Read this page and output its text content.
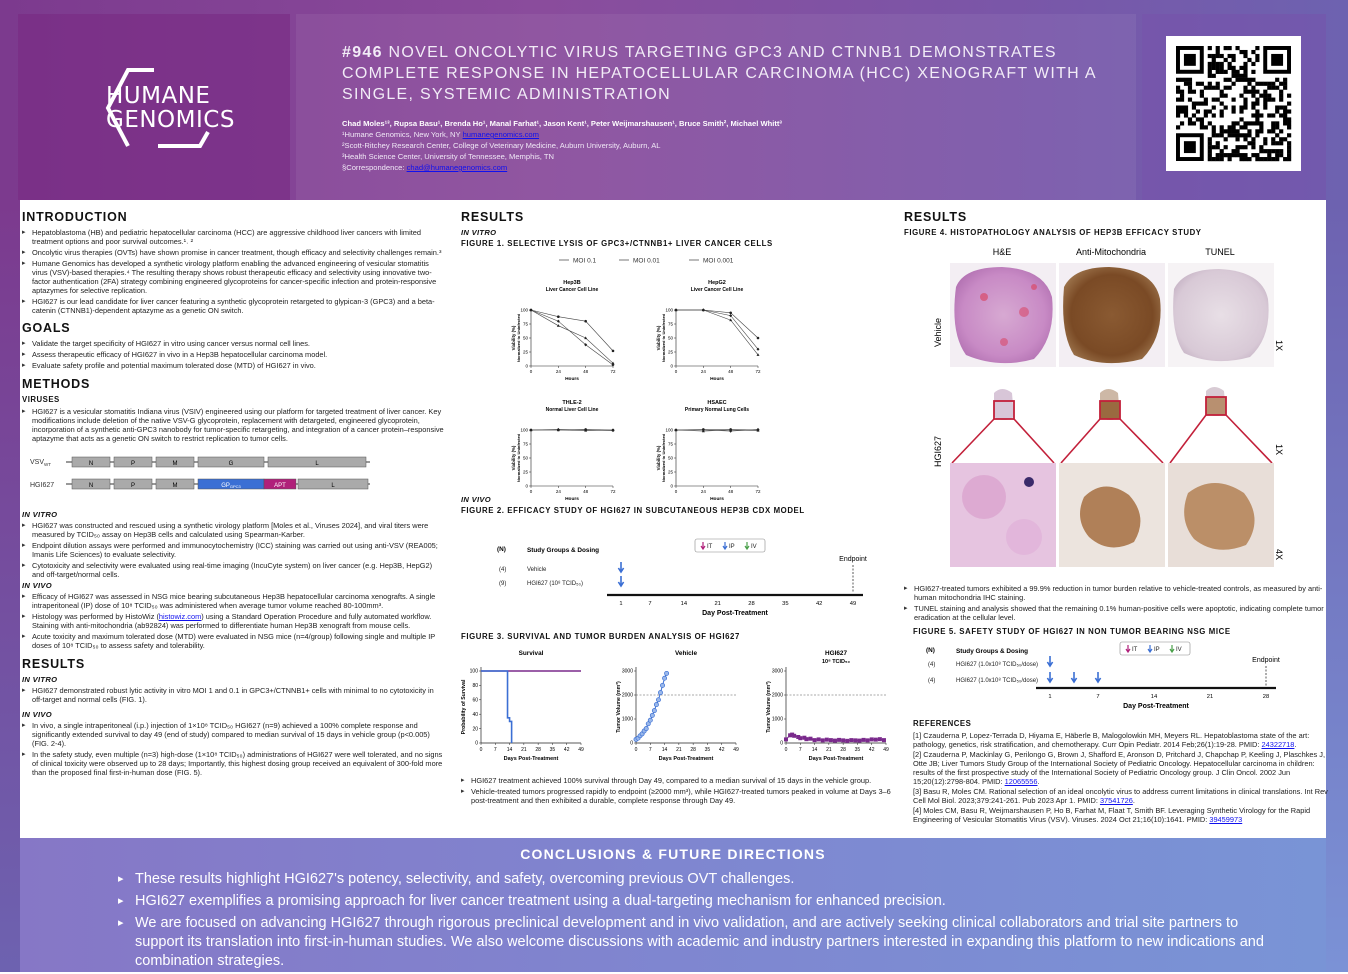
HUMANE
GENOMICS
#946 NOVEL ONCOLYTIC VIRUS TARGETING GPC3 AND CTNNB1 DEMONSTRATES COMPLETE RESPONSE IN HEPATOCELLULAR CARCINOMA (HCC) XENOGRAFT WITH A SINGLE, SYSTEMIC ADMINISTRATION
Chad Moles¹³, Rupsa Basu¹, Brenda Ho¹, Manal Farhat¹, Jason Kent¹, Peter Weijmarshausen¹, Bruce Smith², Michael Whitt³
¹Humane Genomics, New York, NY humanegenomics.com
²Scott-Ritchey Research Center, College of Veterinary Medicine, Auburn University, Auburn, AL
³Health Science Center, University of Tennessee, Memphis, TN
§Correspondence: chad@humanegenomics.com
INTRODUCTION
▸ Hepatoblastoma (HB) and pediatric hepatocellular carcinoma (HCC) are aggressive childhood liver cancers with limited treatment options and poor survival outcomes.¹˒ ²
▸ Oncolytic virus therapies (OVTs) have shown promise in cancer treatment, though efficacy and selectivity challenges remain.³
▸ Humane Genomics has developed a synthetic virology platform enabling the advanced engineering of vesicular stomatitis virus (VSV)-based therapies.⁴ The resulting therapy shows robust therapeutic efficacy and selectivity using innovative two-factor authentication (2FA) strategy combining engineered glycoproteins for cancer-specific infection and protein-responsive aptazymes for selective replication.
▸ HGI627 is our lead candidate for liver cancer featuring a synthetic glycoprotein retargeted to glypican-3 (GPC3) and a beta-catenin (CTNNB1)-dependent aptazyme as a genetic ON switch.
GOALS
▸ Validate the target specificity of HGI627 in vitro using cancer versus normal cell lines.
▸ Assess therapeutic efficacy of HGI627 in vivo in a Hep3B hepatocellular carcinoma model.
▸ Evaluate safety profile and potential maximum tolerated dose (MTD) of HGI627 in vivo.
METHODS
VIRUSES
▸ HGI627 is a vesicular stomatitis Indiana virus (VSIV) engineered using our platform for targeted treatment of liver cancer. Key modifications include deletion of the native VSV-G glycoprotein, replacement with detargeted, engineered glycoprotein, incorporation of a synthetic anti-GPC3 nanobody for tumor-specific retargeting, and integration of a cancer protein–responsive aptazyme that acts as a genetic ON switch to restrict replication to tumor cells.
$VSV_{WT}$	N	P	M	G	L
HGI627	N	P	M	GPGPC3	APT	L
IN VITRO
▸ HGI627 was constructed and rescued using a synthetic virology platform [Moles et al., Viruses 2024], and viral titers were measured by TCID₅₀ assay on Hep3B cells and calculated using Spearman-Karber.
▸ Endpoint dilution assays were performed and immunocytochemistry (ICC) staining was carried out using anti-VSV (REA005; Imanis Life Sciences) to evaluate selectivity.
▸ Cytotoxicity and selectivity were evaluated using real-time imaging (IncuCyte system) on liver cancer (e.g. Hep3B, HepG2) and off-target/normal cells.
IN VIVO
▸ Efficacy of HGI627 was assessed in NSG mice bearing subcutaneous Hep3B hepatocellular carcinoma xenografts. A single intraperitoneal (IP) dose of 10⁸ TCID₅₀ was administered when average tumor volume reached 80-100mm³.
▸ Histology was performed by HistoWiz (histowiz.com) using a Standard Operation Procedure and fully automated workflow. Staining with anti-mitochondria (ab92824) was performed to differentiate human Hep3B xenograft from mouse cells.
▸ Acute toxicity and maximum tolerated dose (MTD) were evaluated in NSG mice (n=4/group) following single and multiple IP doses of 10⁸ TCID₅₀ to assess safety and tolerability.
RESULTS
IN VITRO
▸ HGI627 demonstrated robust lytic activity in vitro MOI 1 and 0.1 in GPC3+/CTNNB1+ cells with minimal to no cytotoxicity in off-target and normal cells (FIG. 1).
IN VIVO
▸ In vivo, a single intraperitoneal (i.p.) injection of 1×10⁸ TCID₅₀ HGI627 (n=9) achieved a 100% complete response and significantly extended survival to day 49 (end of study) compared to median survival of 15 days in vehicle group (p<0.005) (FIG. 2-4).
▸ In the safety study, even multiple (n=3) high-dose (1×10⁸ TCID₅₀) administrations of HGI627 were well tolerated, and no signs of clinical toxicity were observed up to 28 days; Importantly, this highest dosing group received an equivalent of 300-fold more than the proposed final first-in-human dose (FIG. 5).
RESULTS
IN VITRO
FIGURE 1. SELECTIVE LYSIS OF GPC3+/CTNNB1+ LIVER CANCER CELLS
MOI 0.1	MOI 0.01	MOI 0.001
Hep3B
Liver Cancer Cell Line
0
25
50
75
100
0	24	48	72
Hours
Viability (%) Normalized to Uninfected
HepG2
Liver Cancer Cell Line
0
25
50
75
100
0	24	48	72
Hours
Viability (%) Normalized to Uninfected
THLE-2
Normal Liver Cell Line
0
25
50
75
100
0	24	48	72
Hours
Viability (%) Normalized to Uninfected
HSAEC
Primary Normal Lung Cells
0
25
50
75
100
0	24	48	72
Hours
Viability (%) Normalized to Uninfected
IN VIVO
FIGURE 2. EFFICACY STUDY OF HGI627 IN SUBCUTANEOUS HEP3B CDX MODEL
IT	IP	IV
(N)	Study Groups & Dosing
(4)	Vehicle
(9)	HGI627 (10⁸ TCID₅₀)
1	7	14	21	28	35	42	49
Day Post-Treatment
Endpoint
FIGURE 3. SURVIVAL AND TUMOR BURDEN ANALYSIS OF HGI627
Survival
0
20
40
60
80
100
0 7 14 21 28 35 42 49
Days Post-Treatment
Probability of Survival
Vehicle
0
1000
2000
3000
0 7 14 21 28 35 42 49
Days Post-Treatment
Tumor Volume (mm³)
HGI627
10⁸ TCID₅₀
0
1000
2000
3000
0 7 14 21 28 35 42 49
Days Post-Treatment
Tumor Volume (mm³)
▸ HGI627 treatment achieved 100% survival through Day 49, compared to a median survival of 15 days in the vehicle group.
▸ Vehicle-treated tumors progressed rapidly to endpoint (≥2000 mm³), while HGI627-treated tumors peaked in volume at Days 3–6 post-treatment and then exhibited a durable, complete response through Day 49.
RESULTS
FIGURE 4. HISTOPATHOLOGY ANALYSIS OF HEP3B EFFICACY STUDY
H&E	Anti-Mitochondria	TUNEL
Vehicle
HGI627
1X
1X
4X
▸ HGI627-treated tumors exhibited a 99.9% reduction in tumor burden relative to vehicle-treated controls, as measured by anti-human mitochondria IHC staining.
▸ TUNEL staining and analysis showed that the remaining 0.1% human-positive cells were apoptotic, indicating complete tumor eradication at the cellular level.
FIGURE 5. SAFETY STUDY OF HGI627 IN NON TUMOR BEARING NSG MICE
IT	IP	IV
(N)	Study Groups & Dosing
(4)	HGI627 (1.0x10⁸ TCID₅₀/dose)
(4)	HGI627 (1.0x10⁸ TCID₅₀/dose)
1	7	14	21	28
Day Post-Treatment
Endpoint
REFERENCES

[1] Czauderna P, Lopez-Terrada D, Hiyama E, Häberle B, Malogolowkin MH, Meyers RL. Hepatoblastoma state of the art: pathology, genetics, risk stratification, and chemotherapy. Curr Opin Pediatr. 2014 Feb;26(1):19-28. PMID: 24322718.

[2] Czauderna P, Mackinlay G, Perilongo G, Brown J, Shafford E, Aronson D, Pritchard J, Chapchap P, Keeling J, Plaschkes J, Otte JB; Liver Tumors Study Group of the International Society of Pediatric Oncology. Hepatocellular carcinoma in children: results of the first prospective study of the International Society of Pediatric Oncology group. J Clin Oncol. 2002 Jun 15;20(12):2798-804. PMID: 12065556.

[3] Basu R, Moles CM. Rational selection of an ideal oncolytic virus to address current limitations in clinical translations. Int Rev Cell Mol Biol. 2023;379:241-261. Pub 2023 Apr 1. PMID: 37541726.

[4] Moles CM, Basu R, Weijmarshausen P, Ho B, Farhat M, Flaat T, Smith BF. Leveraging Synthetic Virology for the Rapid Engineering of Vesicular Stomatitis Virus (VSV). Viruses. 2024 Oct 21;16(10):1641. PMID: 39459973

CONCLUSIONS & FUTURE DIRECTIONS
▸ These results highlight HGI627's potency, selectivity, and safety, overcoming previous OVT challenges.
▸ HGI627 exemplifies a promising approach for liver cancer treatment using a dual-targeting mechanism for enhanced precision.
▸ We are focused on advancing HGI627 through rigorous preclinical development and in vivo validation, and are actively seeking clinical collaborators and trial site partners to support its translation into first-in-human studies. We also welcome discussions with academic and industry partners interested in expanding this platform to new indications and combination strategies.
